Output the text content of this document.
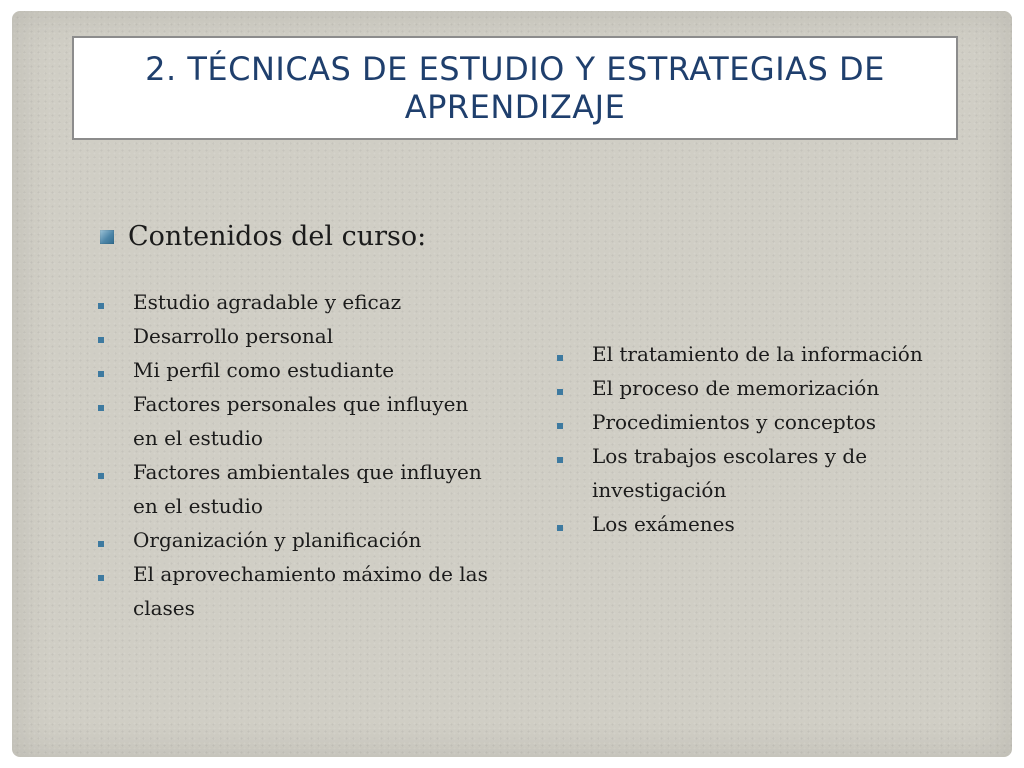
2. TÉCNICAS DE ESTUDIO Y ESTRATEGIAS DE APRENDIZAJE
Contenidos del curso:
Estudio agradable y eficaz
Desarrollo personal
Mi perfil como estudiante
Factores personales que influyen en el estudio
Factores ambientales que influyen en el estudio
Organización y planificación
El aprovechamiento máximo de las clases
El tratamiento de la información
El proceso de memorización
Procedimientos y conceptos
Los trabajos escolares y de investigación
Los exámenes
